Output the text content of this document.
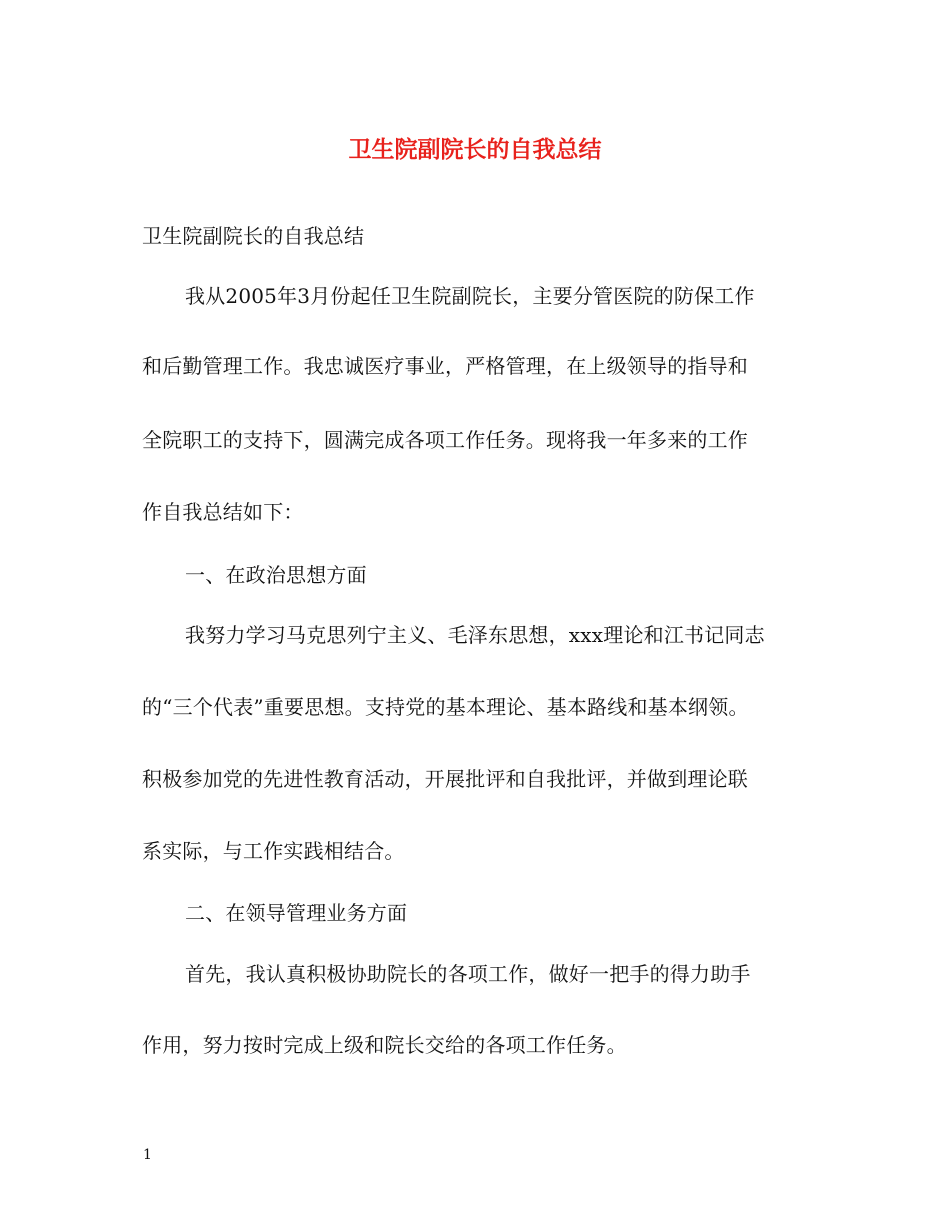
卫生院副院长的自我总结
卫生院副院长的自我总结
我从2005年3月份起任卫生院副院长，主要分管医院的防保工作
和后勤管理工作。我忠诚医疗事业，严格管理，在上级领导的指导和
全院职工的支持下，圆满完成各项工作任务。现将我一年多来的工作
作自我总结如下：
一、在政治思想方面
我努力学习马克思列宁主义、毛泽东思想，xxx理论和江书记同志
的“三个代表”重要思想。支持党的基本理论、基本路线和基本纲领。
积极参加党的先进性教育活动，开展批评和自我批评，并做到理论联
系实际，与工作实践相结合。
二、在领导管理业务方面
首先，我认真积极协助院长的各项工作，做好一把手的得力助手
作用，努力按时完成上级和院长交给的各项工作任务。
1
